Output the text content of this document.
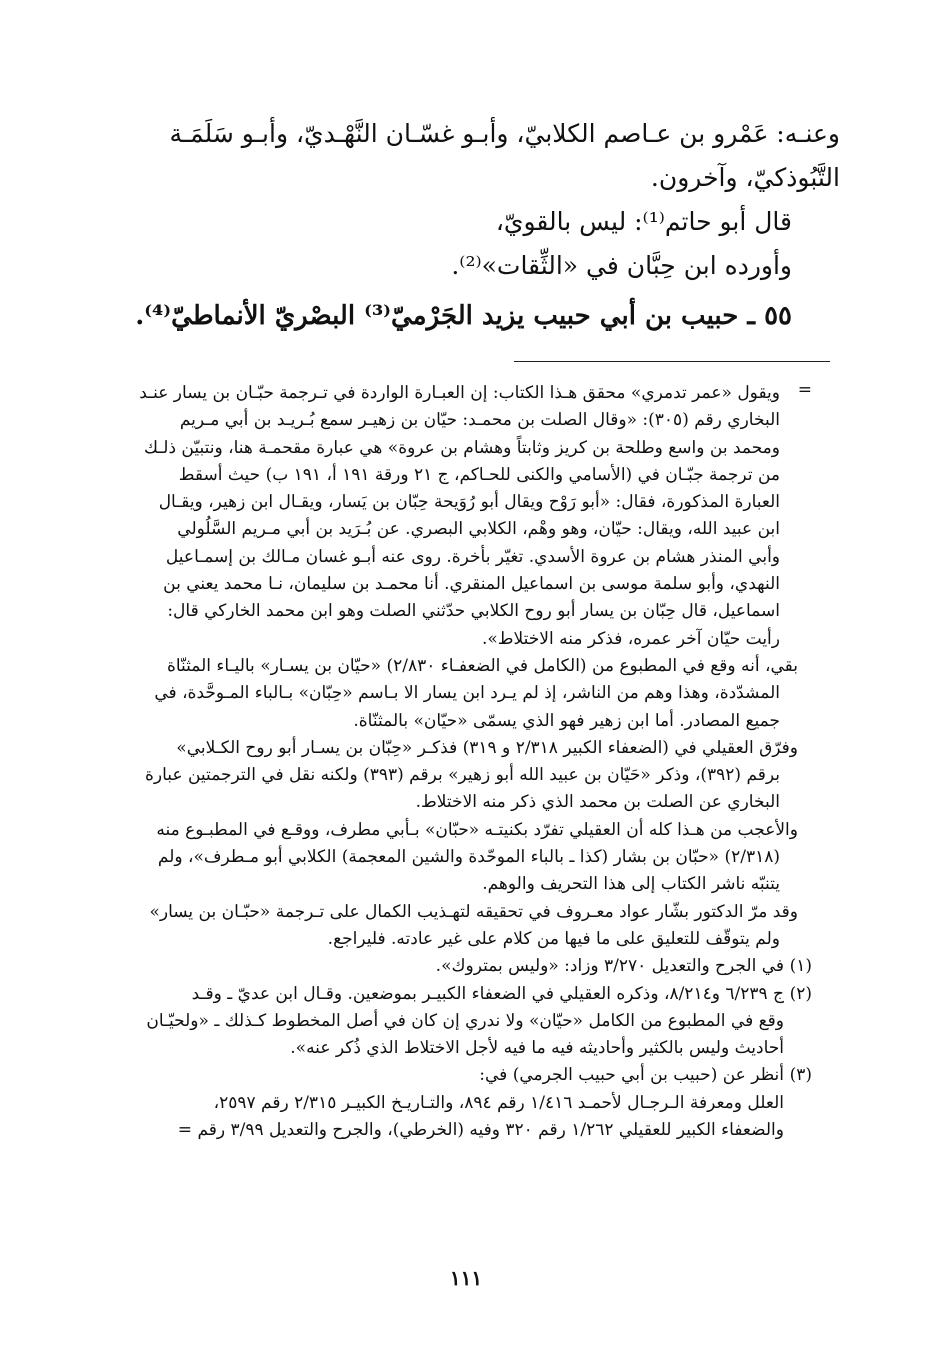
وعنـه: عَمْرو بن عـاصم الكلابيّ، وأبـو غسّـان النَّهْـديّ، وأبـو سَلَمَـة

التَّبُوذكيّ، وآخرون.

قال أبو حاتم⁽¹⁾: ليس بالقويّ،

وأورده ابن حِبَّان في «الثِّقات»⁽²⁾.

٥٥ ـ حبيب بن أبي حبيب يزيد الجَرْميّ⁽³⁾ البصْريّ الأنماطيّ⁽⁴⁾.

=

ويقول «عمر تدمري» محقق هـذا الكتاب: إن العبـارة الواردة في تـرجمة حبّـان بن يسار عنـد

البخاري رقم (٣٠٥): «وقال الصلت بن محمـد: حيّان بن زهيـر سمع بُـريـد بن أبي مـريم

ومحمد بن واسع وطلحة بن كريز وثابتاً وهشام بن عروة» هي عبارة مقحمـة هنا، ونتبيّن ذلـك

من ترجمة جبّـان في (الأسامي والكنى للحـاكم، ج ٢١ ورقة ١٩١ أ، ١٩١ ب) حيث أسقط

العبارة المذكورة، فقال: «أبو رَوْح ويقال أبو رُوَيحة حِبّان بن يَسار، ويقـال ابن زهير، ويقـال

ابن عبيد الله، ويقال: حيّان، وهو وهْم، الكلابي البصري. عن بُـرَيد بن أبي مـريم السَّلُولي

وأبي المنذر هشام بن عروة الأسدي. تغيّر بأخرة. روى عنه أبـو غسان مـالك بن إسمـاعيل

النهدي، وأبو سلمة موسى بن اسماعيل المنقري. أنا محمـد بن سليمان، نـا محمد يعني بن

اسماعيل، قال حِبّان بن يسار أبو روح الكلابي حدّثني الصلت وهو ابن محمد الخاركي قال:

رأيت حيّان آخر عمره، فذكر منه الاختلاط».

بقي، أنه وقع في المطبوع من (الكامل في الضعفـاء ٢/٨٣٠) «حيّان بن يسـار» باليـاء المثنّاة

المشدّدة، وهذا وهم من الناشر، إذ لم يـرد ابن يسار الا بـاسم «حِبّان» بـالباء المـوحَّدة، في

جميع المصادر. أما ابن زهير فهو الذي يسمّى «حيّان» بالمثنّاة.

وفرّق العقيلي في (الضعفاء الكبير ٢/٣١٨ و ٣١٩) فذكـر «حِبّان بن يسـار أبو روح الكـلابي»

برقم (٣٩٢)، وذكر «حَيّان بن عبيد الله أبو زهير» برقم (٣٩٣) ولكنه نقل في الترجمتين عبارة

البخاري عن الصلت بن محمد الذي ذكر منه الاختلاط.

والأعجب من هـذا كله أن العقيلي تفرّد بكنيتـه «حبّان» بـأبي مطرف، ووقـع في المطبـوع منه

(٢/٣١٨) «حبّان بن بشار (كذا ـ بالباء الموحّدة والشين المعجمة) الكلابي أبو مـطرف»، ولم

يتنبّه ناشر الكتاب إلى هذا التحريف والوهم.

وقد مرّ الدكتور بشّار عواد معـروف في تحقيقه لتهـذيب الكمال على تـرجمة «حبّـان بن يسار»

ولم يتوقّف للتعليق على ما فيها من كلام على غير عادته. فليراجع.

(١)في الجرح والتعديل ٣/٢٧٠ وزاد: «وليس بمتروك».

(٢)ج ٦/٢٣٩ و٨/٢١٤، وذكره العقيلي في الضعفاء الكبيـر بموضعين. وقـال ابن عديّ ـ وقـد

وقع في المطبوع من الكامل «حيّان» ولا ندري إن كان في أصل المخطوط كـذلك ـ «ولحيّـان

أحاديث وليس بالكثير وأحاديثه فيه ما فيه لأجل الاختلاط الذي ذُكر عنه».

(٣)أنظر عن (حبيب بن أبي حبيب الجرمي) في:

العلل ومعرفة الـرجـال لأحمـد ١/٤١٦ رقم ٨٩٤، والتـاريـخ الكبيـر ٢/٣١٥ رقم ٢٥٩٧،

والضعفاء الكبير للعقيلي ١/٢٦٢ رقم ٣٢٠ وفيه (الخرطي)، والجرح والتعديل ٣/٩٩ رقم =

١١١
